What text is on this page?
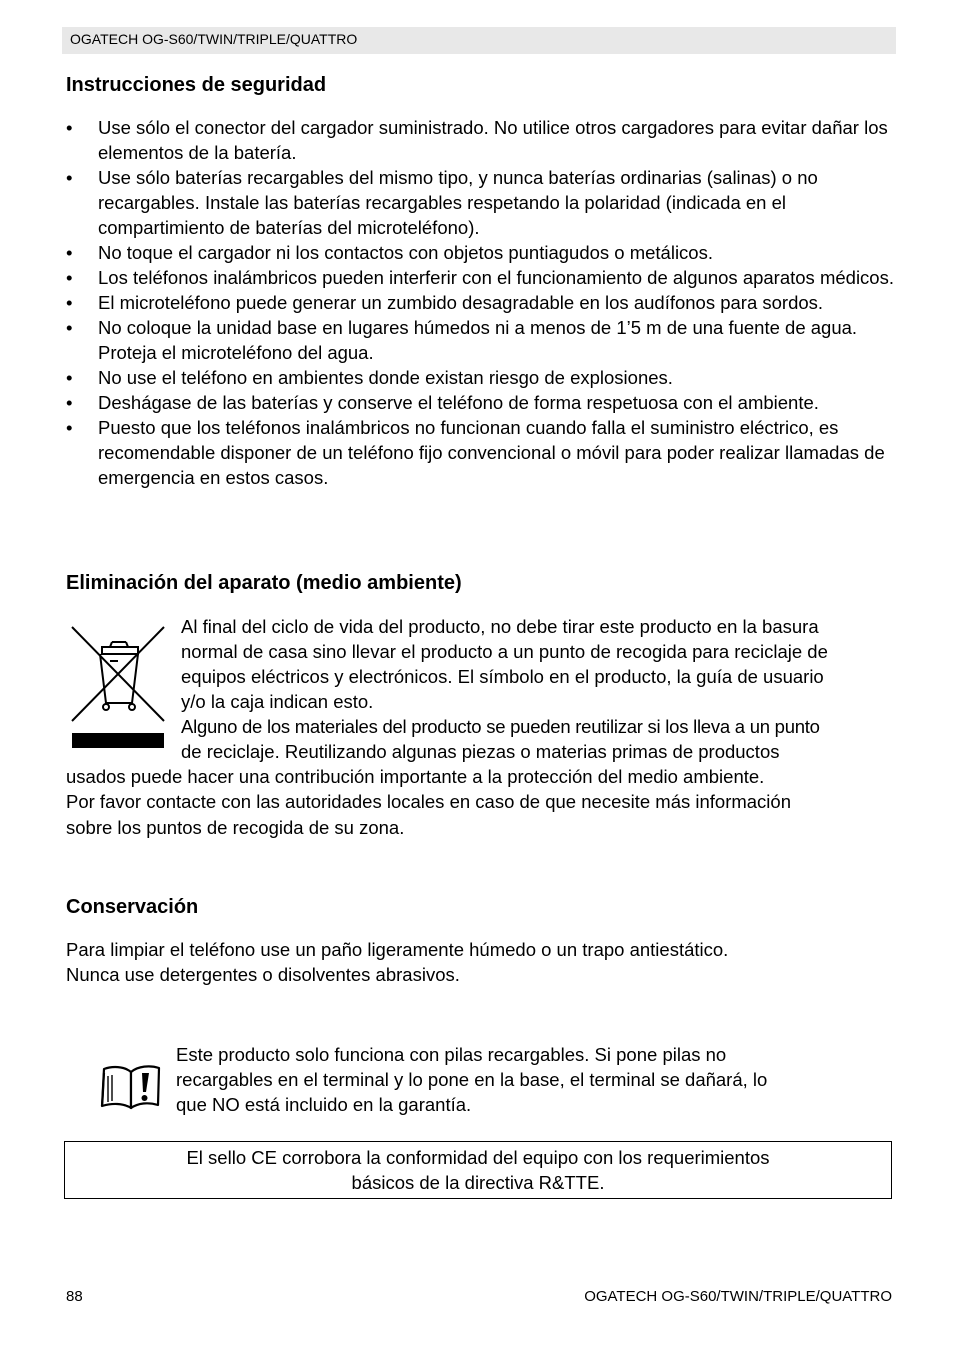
OGATECH OG-S60/TWIN/TRIPLE/QUATTRO
Instrucciones de seguridad
• Use sólo el conector del cargador suministrado. No utilice otros cargadores para evitar dañar los elementos de la batería.
• Use sólo baterías recargables del mismo tipo, y nunca baterías ordinarias (salinas) o no recargables. Instale las baterías recargables respetando la polaridad (indicada en el compartimiento de baterías del microteléfono).
• No toque el cargador ni los contactos con objetos puntiagudos o metálicos.
• Los teléfonos inalámbricos pueden interferir con el funcionamiento de algunos aparatos médicos.
• El microteléfono puede generar un zumbido desagradable en los audífonos para sordos.
• No coloque la unidad base en lugares húmedos ni a menos de 1’5 m de una fuente de agua. Proteja el microteléfono del agua.
• No use el teléfono en ambientes donde existan riesgo de explosiones.
• Deshágase de las baterías y conserve el teléfono de forma respetuosa con el ambiente.
• Puesto que los teléfonos inalámbricos no funcionan cuando falla el suministro eléctrico, es recomendable disponer de un teléfono fijo convencional o móvil para poder realizar llamadas de emergencia en estos casos.
Eliminación del aparato (medio ambiente)

Al final del ciclo de vida del producto, no debe tirar este producto en la basura

normal de casa sino llevar el producto a un punto de recogida para reciclaje de

equipos eléctricos y electrónicos. El símbolo en el producto, la guía de usuario

y/o la caja indican esto.

Alguno de los materiales del producto se pueden reutilizar si los lleva a un punto

de reciclaje. Reutilizando algunas piezas o materias primas de productos

usados puede hacer una contribución importante a la protección del medio ambiente.

Por favor contacte con las autoridades locales en caso de que necesite más información

sobre los puntos de recogida de su zona.

Conservación

Para limpiar el teléfono use un paño ligeramente húmedo o un trapo antiestático.

Nunca use detergentes o disolventes abrasivos.

Este producto solo funciona con pilas recargables. Si pone pilas no

recargables en el terminal y lo pone en la base, el terminal se dañará, lo

que NO está incluido en la garantía.

El sello CE corrobora la conformidad del equipo con los requerimientos
básicos de la directiva R&TTE.
88	OGATECH OG-S60/TWIN/TRIPLE/QUATTRO
